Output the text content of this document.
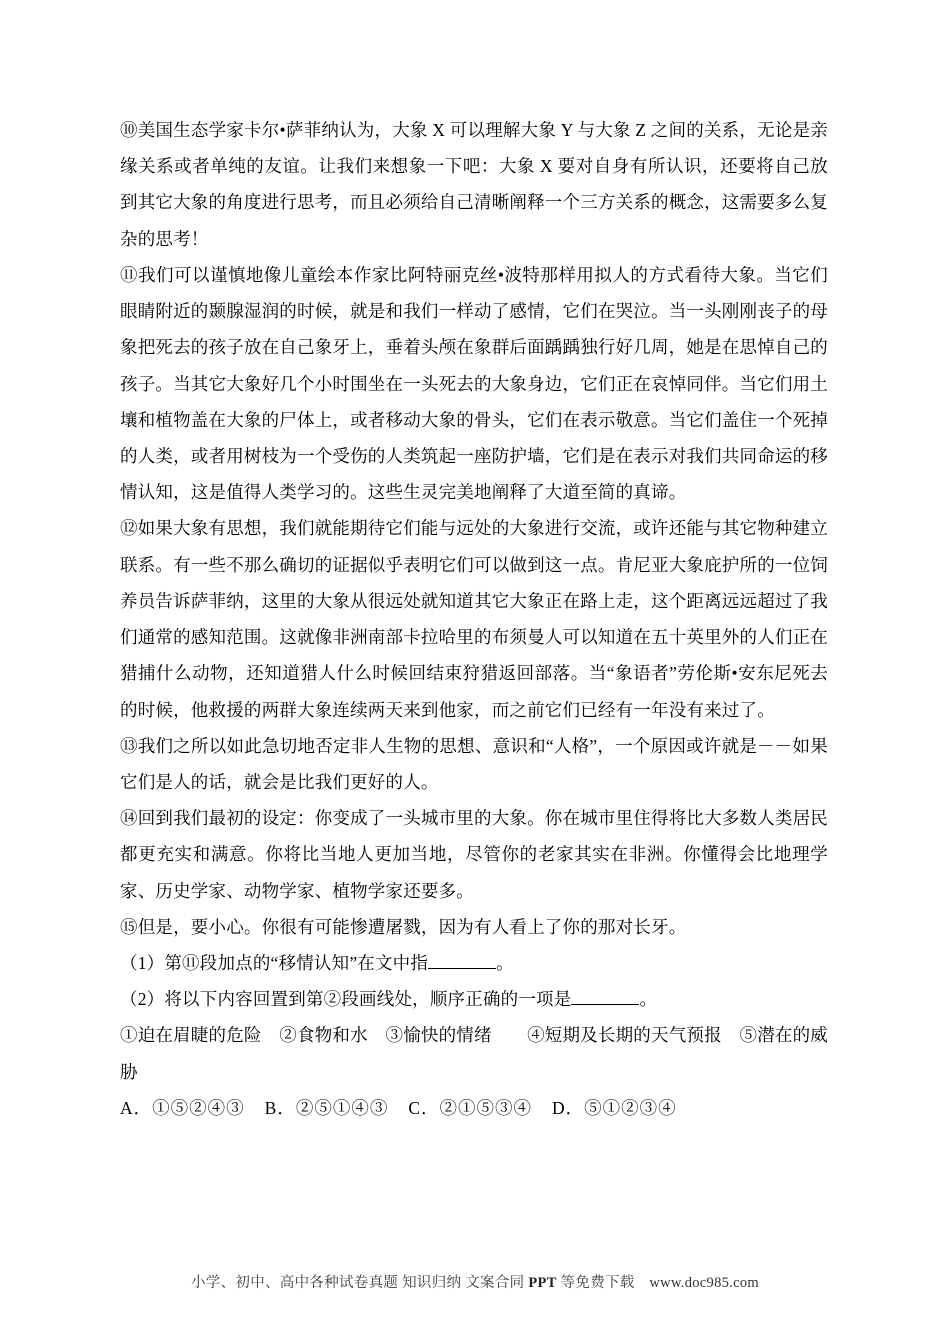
⑩美国生态学家卡尔•萨菲纳认为，大象 X 可以理解大象 Y 与大象 Z 之间的关系，无论是亲缘关系或者单纯的友谊。让我们来想象一下吧：大象 X 要对自身有所认识，还要将自己放到其它大象的角度进行思考，而且必须给自己清晰阐释一个三方关系的概念，这需要多么复杂的思考！

⑪我们可以谨慎地像儿童绘本作家比阿特丽克丝•波特那样用拟人的方式看待大象。当它们眼睛附近的颞腺湿润的时候，就是和我们一样动了感情，它们在哭泣。当一头刚刚丧子的母象把死去的孩子放在自己象牙上，垂着头颅在象群后面踽踽独行好几周，她是在思悼自己的孩子。当其它大象好几个小时围坐在一头死去的大象身边，它们正在哀悼同伴。当它们用土壤和植物盖在大象的尸体上，或者移动大象的骨头，它们在表示敬意。当它们盖住一个死掉的人类，或者用树枝为一个受伤的人类筑起一座防护墙，它们是在表示对我们共同命运的移情认知，这是值得人类学习的。这些生灵完美地阐释了大道至简的真谛。

⑫如果大象有思想，我们就能期待它们能与远处的大象进行交流，或许还能与其它物种建立联系。有一些不那么确切的证据似乎表明它们可以做到这一点。肯尼亚大象庇护所的一位饲养员告诉萨菲纳，这里的大象从很远处就知道其它大象正在路上走，这个距离远远超过了我们通常的感知范围。这就像非洲南部卡拉哈里的布须曼人可以知道在五十英里外的人们正在猎捕什么动物，还知道猎人什么时候回结束狩猎返回部落。当“象语者”劳伦斯•安东尼死去的时候，他救援的两群大象连续两天来到他家，而之前它们已经有一年没有来过了。

⑬我们之所以如此急切地否定非人生物的思想、意识和“人格”，一个原因或许就是－－如果它们是人的话，就会是比我们更好的人。

⑭回到我们最初的设定：你变成了一头城市里的大象。你在城市里住得将比大多数人类居民都更充实和满意。你将比当地人更加当地，尽管你的老家其实在非洲。你懂得会比地理学家、历史学家、动物学家、植物学家还要多。

⑮但是，要小心。你很有可能惨遭屠戮，因为有人看上了你的那对长牙。

（1）第⑪段加点的“移情认知”在文中指	。

（2）将以下内容回置到第②段画线处，顺序正确的一项是	。

①迫在眉睫的危险　②食物和水　③愉快的情绪　　④短期及长期的天气预报　⑤潜在的威胁

A．①⑤②④③ B．②⑤①④③ C．②①⑤③④ D．⑤①②③④

小学、初中、高中各种试卷真题 知识归纳 文案合同 PPT 等免费下载　www.doc985.com
